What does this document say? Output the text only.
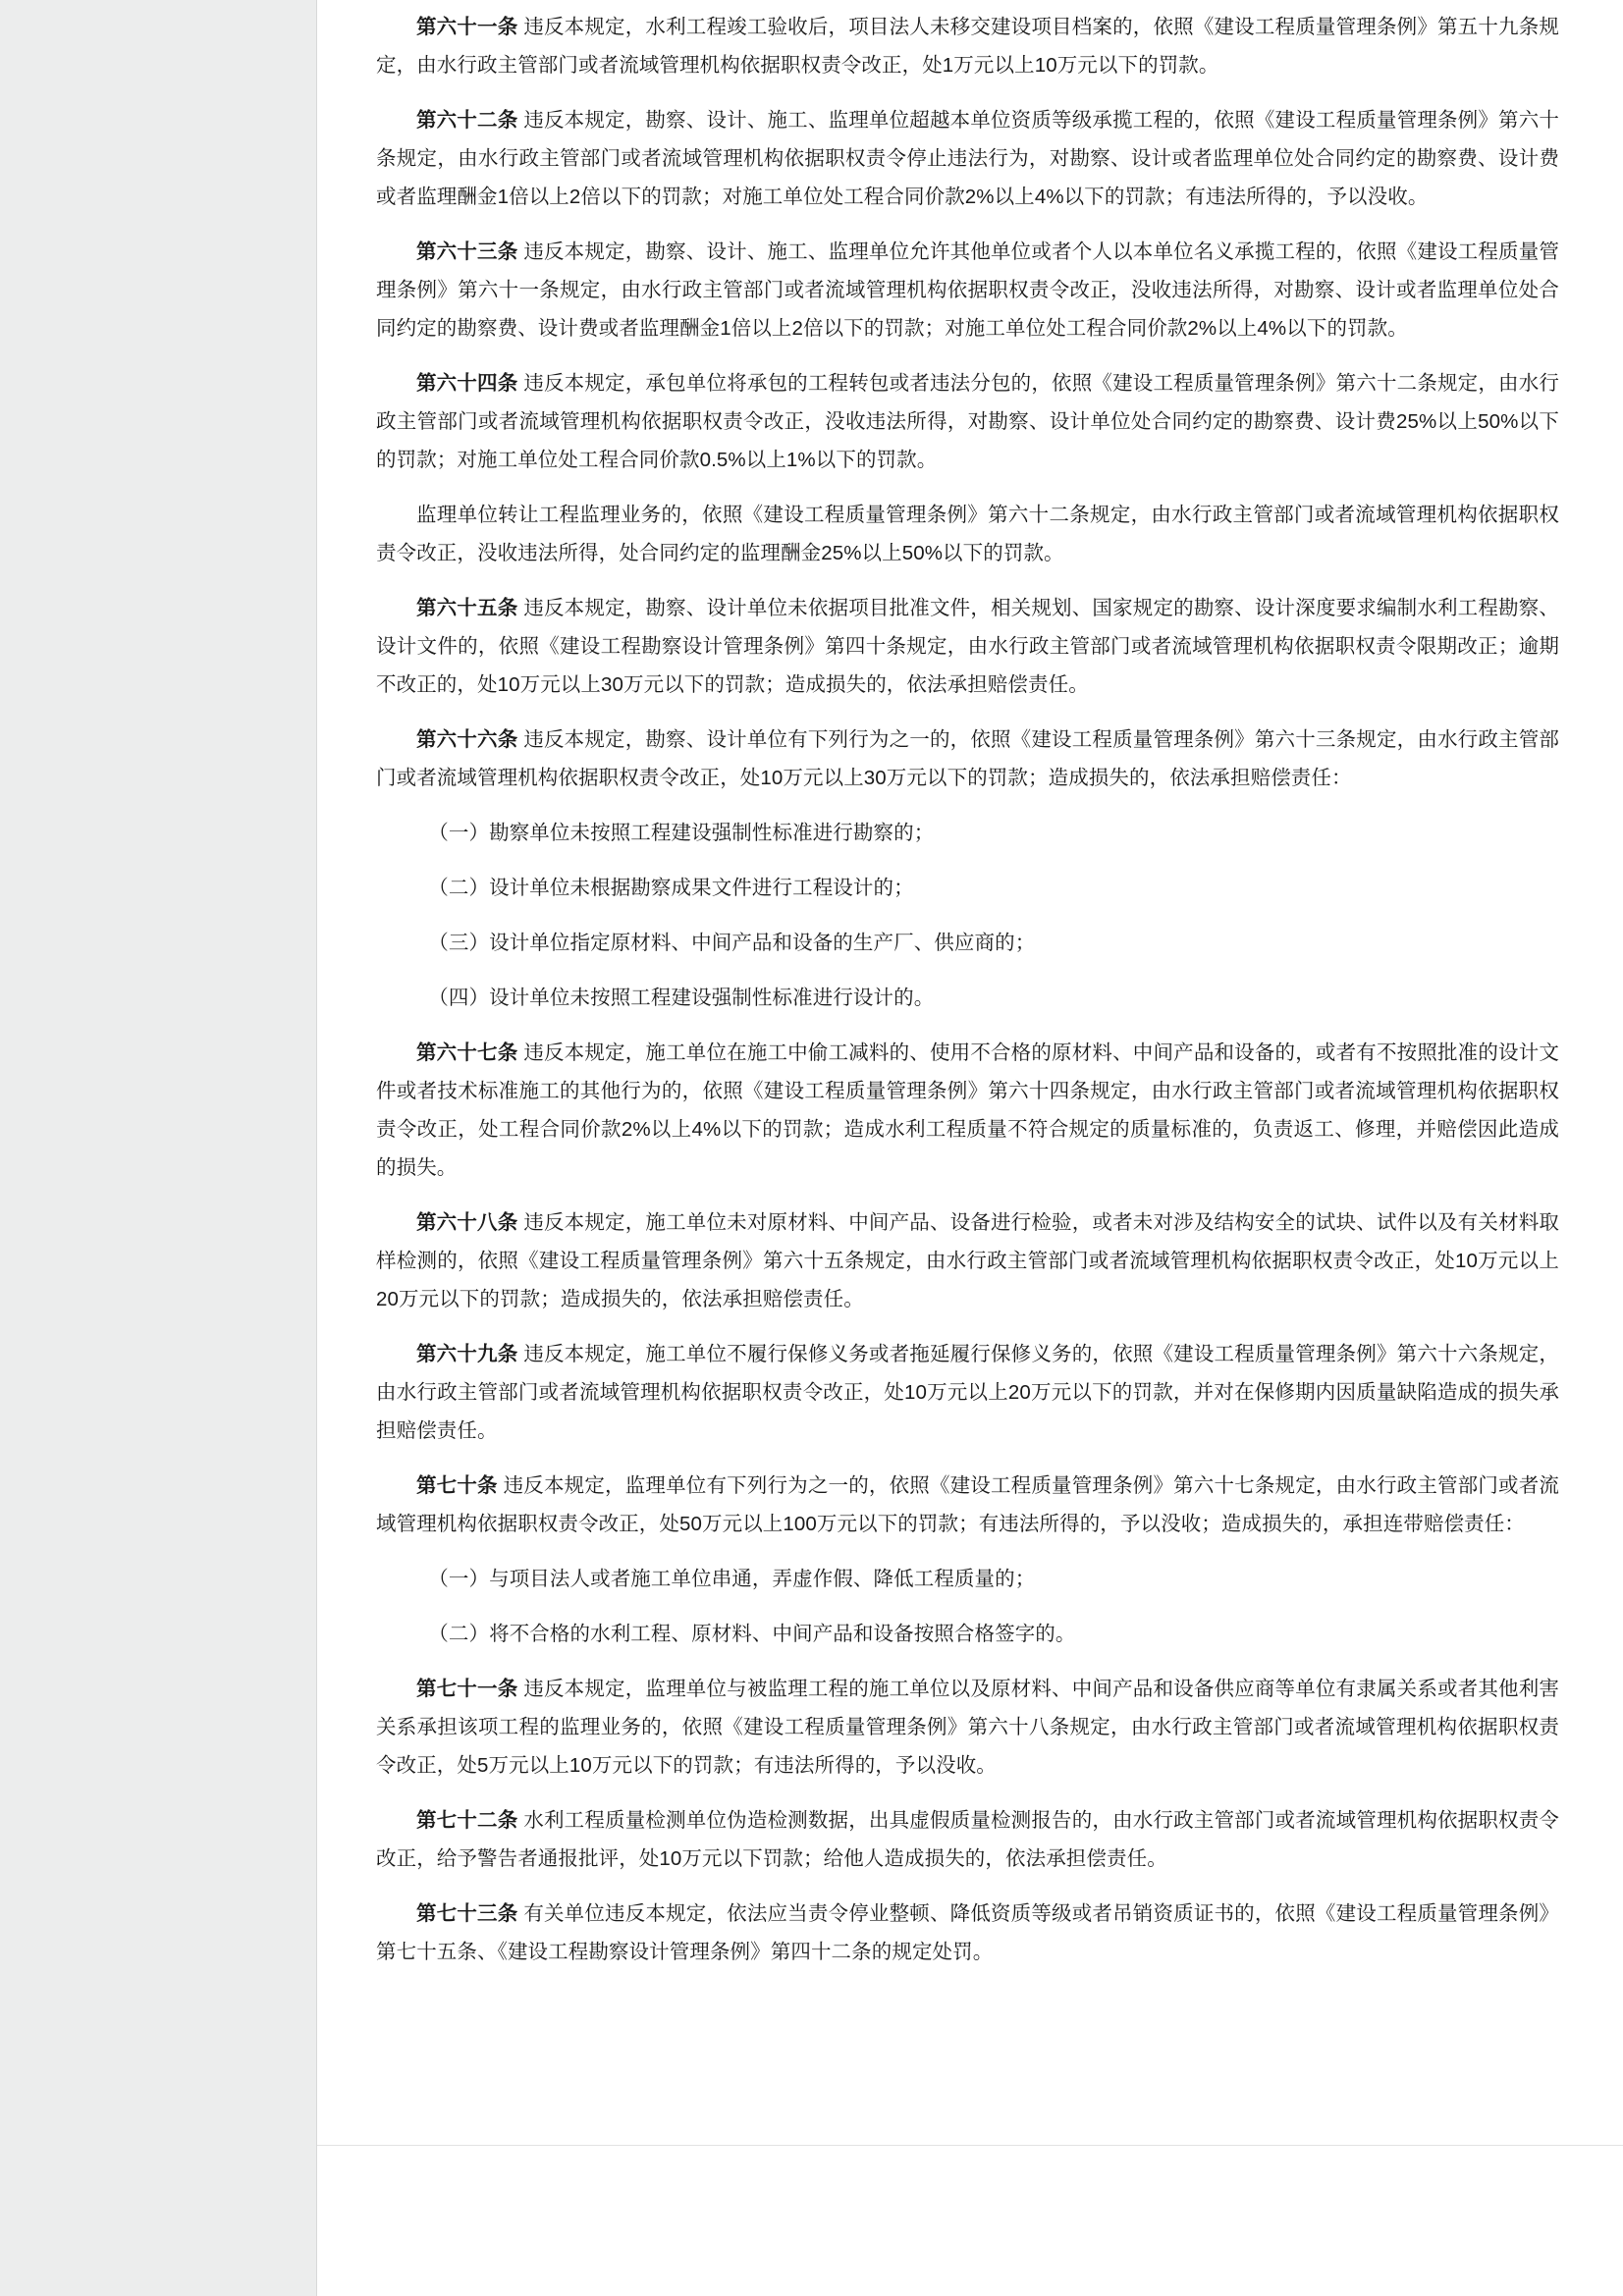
第六十一条 违反本规定，水利工程竣工验收后，项目法人未移交建设项目档案的，依照《建设工程质量管理条例》第五十九条规定，由水行政主管部门或者流域管理机构依据职权责令改正，处1万元以上10万元以下的罚款。

第六十二条 违反本规定，勘察、设计、施工、监理单位超越本单位资质等级承揽工程的，依照《建设工程质量管理条例》第六十条规定，由水行政主管部门或者流域管理机构依据职权责令停止违法行为，对勘察、设计或者监理单位处合同约定的勘察费、设计费或者监理酬金1倍以上2倍以下的罚款；对施工单位处工程合同价款2%以上4%以下的罚款；有违法所得的，予以没收。

第六十三条 违反本规定，勘察、设计、施工、监理单位允许其他单位或者个人以本单位名义承揽工程的，依照《建设工程质量管理条例》第六十一条规定，由水行政主管部门或者流域管理机构依据职权责令改正，没收违法所得，对勘察、设计或者监理单位处合同约定的勘察费、设计费或者监理酬金1倍以上2倍以下的罚款；对施工单位处工程合同价款2%以上4%以下的罚款。

第六十四条 违反本规定，承包单位将承包的工程转包或者违法分包的，依照《建设工程质量管理条例》第六十二条规定，由水行政主管部门或者流域管理机构依据职权责令改正，没收违法所得，对勘察、设计单位处合同约定的勘察费、设计费25%以上50%以下的罚款；对施工单位处工程合同价款0.5%以上1%以下的罚款。

监理单位转让工程监理业务的，依照《建设工程质量管理条例》第六十二条规定，由水行政主管部门或者流域管理机构依据职权责令改正，没收违法所得，处合同约定的监理酬金25%以上50%以下的罚款。

第六十五条 违反本规定，勘察、设计单位未依据项目批准文件，相关规划、国家规定的勘察、设计深度要求编制水利工程勘察、设计文件的，依照《建设工程勘察设计管理条例》第四十条规定，由水行政主管部门或者流域管理机构依据职权责令限期改正；逾期不改正的，处10万元以上30万元以下的罚款；造成损失的，依法承担赔偿责任。

第六十六条 违反本规定，勘察、设计单位有下列行为之一的，依照《建设工程质量管理条例》第六十三条规定，由水行政主管部门或者流域管理机构依据职权责令改正，处10万元以上30万元以下的罚款；造成损失的，依法承担赔偿责任：

（一）勘察单位未按照工程建设强制性标准进行勘察的；

（二）设计单位未根据勘察成果文件进行工程设计的；

（三）设计单位指定原材料、中间产品和设备的生产厂、供应商的；

（四）设计单位未按照工程建设强制性标准进行设计的。

第六十七条 违反本规定，施工单位在施工中偷工减料的、使用不合格的原材料、中间产品和设备的，或者有不按照批准的设计文件或者技术标准施工的其他行为的，依照《建设工程质量管理条例》第六十四条规定，由水行政主管部门或者流域管理机构依据职权责令改正，处工程合同价款2%以上4%以下的罚款；造成水利工程质量不符合规定的质量标准的，负责返工、修理，并赔偿因此造成的损失。

第六十八条 违反本规定，施工单位未对原材料、中间产品、设备进行检验，或者未对涉及结构安全的试块、试件以及有关材料取样检测的，依照《建设工程质量管理条例》第六十五条规定，由水行政主管部门或者流域管理机构依据职权责令改正，处10万元以上20万元以下的罚款；造成损失的，依法承担赔偿责任。

第六十九条 违反本规定，施工单位不履行保修义务或者拖延履行保修义务的，依照《建设工程质量管理条例》第六十六条规定，由水行政主管部门或者流域管理机构依据职权责令改正，处10万元以上20万元以下的罚款，并对在保修期内因质量缺陷造成的损失承担赔偿责任。

第七十条 违反本规定，监理单位有下列行为之一的，依照《建设工程质量管理条例》第六十七条规定，由水行政主管部门或者流域管理机构依据职权责令改正，处50万元以上100万元以下的罚款；有违法所得的，予以没收；造成损失的，承担连带赔偿责任：

（一）与项目法人或者施工单位串通，弄虚作假、降低工程质量的；

（二）将不合格的水利工程、原材料、中间产品和设备按照合格签字的。

第七十一条 违反本规定，监理单位与被监理工程的施工单位以及原材料、中间产品和设备供应商等单位有隶属关系或者其他利害关系承担该项工程的监理业务的，依照《建设工程质量管理条例》第六十八条规定，由水行政主管部门或者流域管理机构依据职权责令改正，处5万元以上10万元以下的罚款；有违法所得的，予以没收。

第七十二条 水利工程质量检测单位伪造检测数据，出具虚假质量检测报告的，由水行政主管部门或者流域管理机构依据职权责令改正，给予警告者通报批评，处10万元以下罚款；给他人造成损失的，依法承担偿责任。

第七十三条 有关单位违反本规定，依法应当责令停业整顿、降低资质等级或者吊销资质证书的，依照《建设工程质量管理条例》第七十五条、《建设工程勘察设计管理条例》第四十二条的规定处罚。
